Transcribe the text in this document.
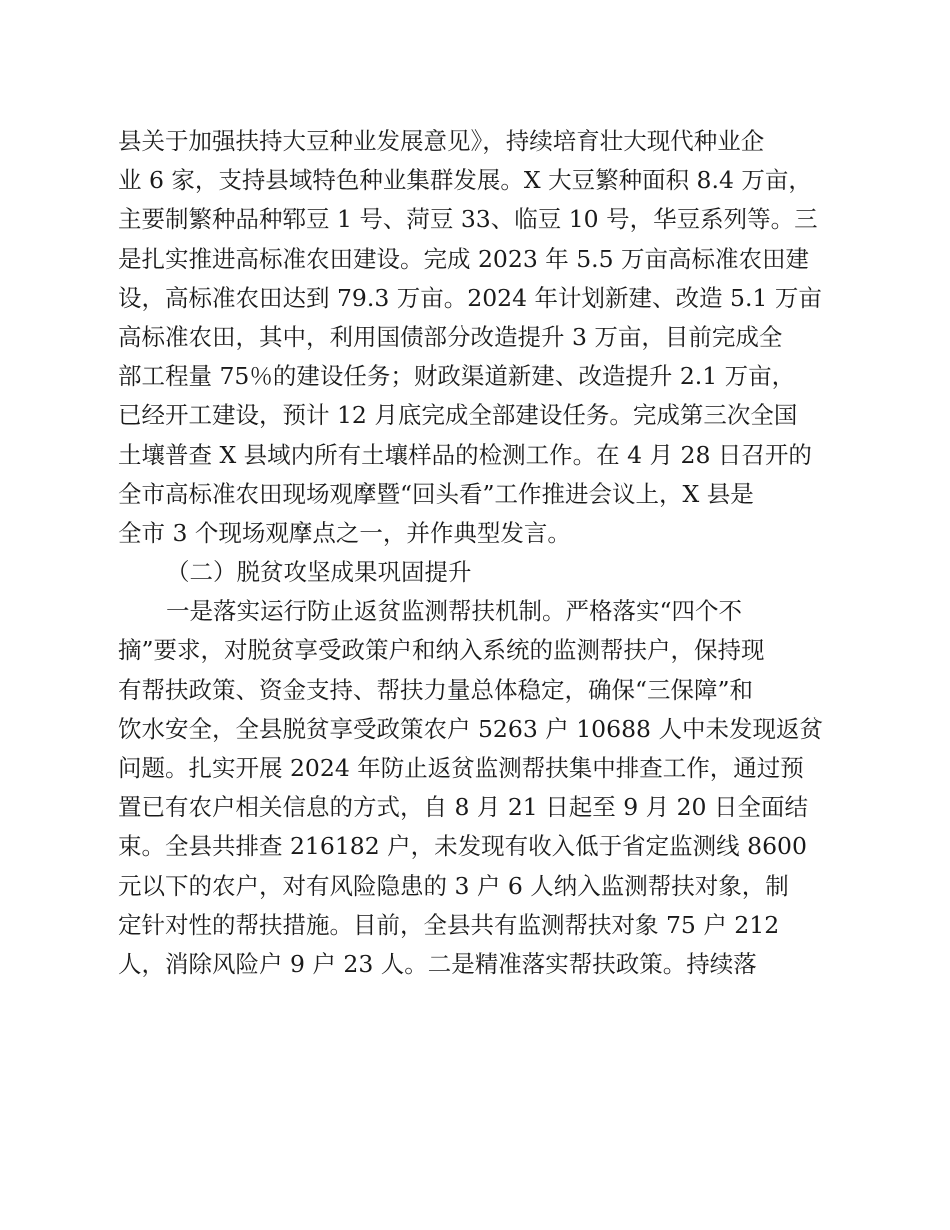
县关于加强扶持大豆种业发展意见》，持续培育壮大现代种业企
业 6 家，支持县域特色种业集群发展。X 大豆繁种面积 8.4 万亩，
主要制繁种品种郓豆 1 号、菏豆 33、临豆 10 号，华豆系列等。三
是扎实推进高标准农田建设。完成 2023 年 5.5 万亩高标准农田建
设，高标准农田达到 79.3 万亩。2024 年计划新建、改造 5.1 万亩
高标准农田，其中，利用国债部分改造提升 3 万亩，目前完成全
部工程量 75％的建设任务；财政渠道新建、改造提升 2.1 万亩，
已经开工建设，预计 12 月底完成全部建设任务。完成第三次全国
土壤普查 X 县域内所有土壤样品的检测工作。在 4 月 28 日召开的
全市高标准农田现场观摩暨“回头看”工作推进会议上，X 县是
全市 3 个现场观摩点之一，并作典型发言。
（二）脱贫攻坚成果巩固提升
一是落实运行防止返贫监测帮扶机制。严格落实“四个不
摘”要求，对脱贫享受政策户和纳入系统的监测帮扶户，保持现
有帮扶政策、资金支持、帮扶力量总体稳定，确保“三保障”和
饮水安全，全县脱贫享受政策农户 5263 户 10688 人中未发现返贫
问题。扎实开展 2024 年防止返贫监测帮扶集中排查工作，通过预
置已有农户相关信息的方式，自 8 月 21 日起至 9 月 20 日全面结
束。全县共排查 216182 户，未发现有收入低于省定监测线 8600
元以下的农户，对有风险隐患的 3 户 6 人纳入监测帮扶对象，制
定针对性的帮扶措施。目前，全县共有监测帮扶对象 75 户 212
人，消除风险户 9 户 23 人。二是精准落实帮扶政策。持续落
